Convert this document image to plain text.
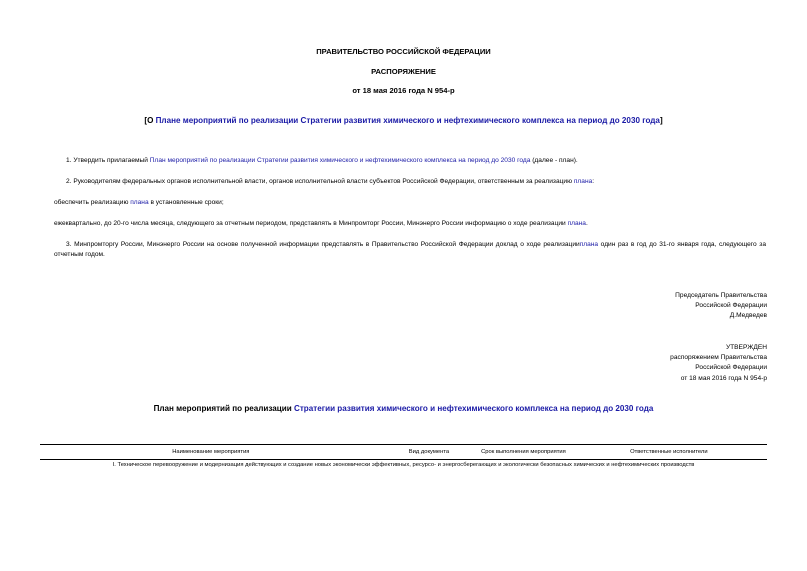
ПРАВИТЕЛЬСТВО РОССИЙСКОЙ ФЕДЕРАЦИИ
РАСПОРЯЖЕНИЕ
от 18 мая 2016 года N 954-р
[О Плане мероприятий по реализации Стратегии развития химического и нефтехимического комплекса на период до 2030 года]
1. Утвердить прилагаемый План мероприятий по реализации Стратегии развития химического и нефтехимического комплекса на период до 2030 года (далее - план).
2. Руководителям федеральных органов исполнительной власти, органов исполнительной власти субъектов Российской Федерации, ответственным за реализацию плана:
обеспечить реализацию плана в установленные сроки;
ежеквартально, до 20-го числа месяца, следующего за отчетным периодом, представлять в Минпромторг России, Минэнерго России информацию о ходе реализации плана.
3. Минпромторгу России, Минэнерго России на основе полученной информации представлять в Правительство Российской Федерации доклад о ходе реализацииплана один раз в год до 31-го января года, следующего за отчетным годом.
Председатель Правительства
Российской Федерации
Д.Медведев
УТВЕРЖДЕН
распоряжением Правительства
Российской Федерации
от 18 мая 2016 года N 954-р
План мероприятий по реализации Стратегии развития химического и нефтехимического комплекса на период до 2030 года
Наименование мероприятия	Вид документа	Срок выполнения мероприятия	Ответственные исполнители
I. Техническое перевооружение и модернизация действующих и создание новых экономически эффективных, ресурсо- и энергосберегающих и экологически безопасных химических и нефтехимических производств
